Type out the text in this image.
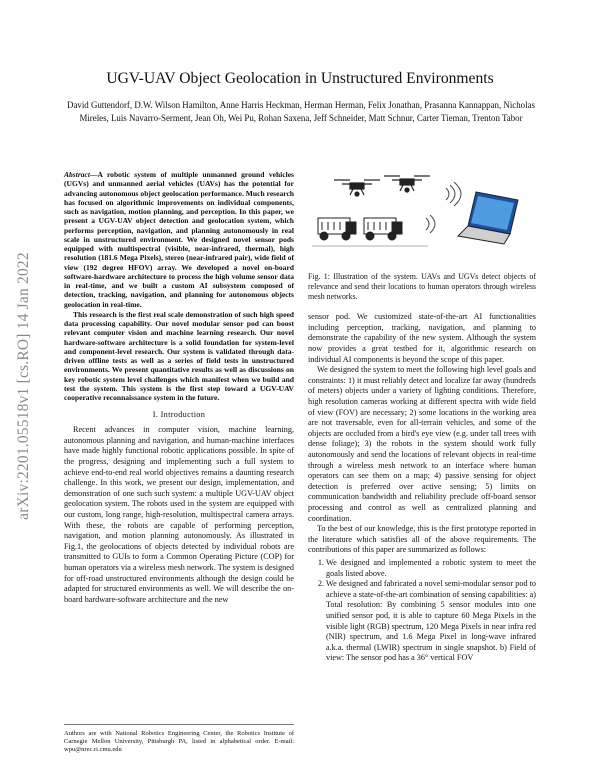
arXiv:2201.05518v1 [cs.RO] 14 Jan 2022
UGV-UAV Object Geolocation in Unstructured Environments
David Guttendorf, D.W. Wilson Hamilton, Anne Harris Heckman, Herman Herman, Felix Jonathan, Prasanna Kannappan, Nicholas Mireles, Luis Navarro-Serment, Jean Oh, Wei Pu, Rohan Saxena, Jeff Schneider, Matt Schnur, Carter Tieman, Trenton Tabor

Abstract—A robotic system of multiple unmanned ground vehicles (UGVs) and unmanned aerial vehicles (UAVs) has the potential for advancing autonomous object geolocation performance. Much research has focused on algorithmic improvements on individual components, such as navigation, motion planning, and perception. In this paper, we present a UGV-UAV object detection and geolocation system, which performs perception, navigation, and planning autonomously in real scale in unstructured environment. We designed novel sensor pods equipped with multispectral (visible, near-infrared, thermal), high resolution (181.6 Mega Pixels), stereo (near-infrared pair), wide field of view (192 degree HFOV) array. We developed a novel on-board software-hardware architecture to process the high volume sensor data in real-time, and we built a custom AI subsystem composed of detection, tracking, navigation, and planning for autonomous objects geolocation in real-time.

This research is the first real scale demonstration of such high speed data processing capability. Our novel modular sensor pod can boost relevant computer vision and machine learning research. Our novel hardware-software architecture is a solid foundation for system-level and component-level research. Our system is validated through data-driven offline tests as well as a series of field tests in unstructured environments. We present quantitative results as well as discussions on key robotic system level challenges which manifest when we build and test the system. This system is the first step toward a UGV-UAV cooperative reconnaissance system in the future.

I. Introduction

Recent advances in computer vision, machine learning, autonomous planning and navigation, and human-machine interfaces have made highly functional robotic applications possible. In spite of the progress, designing and implementing such a full system to achieve end-to-end real world objectives remains a daunting research challenge. In this work, we present our design, implementation, and demonstration of one such such system: a multiple UGV-UAV object geolocation system. The robots used in the system are equipped with our custom, long range, high-resolution, multispectral camera arrays. With these, the robots are capable of performing perception, navigation, and motion planning autonomously. As illustrated in Fig.1, the geolocations of objects detected by individual robots are transmitted to GUIs to form a Common Operating Picture (COP) for human operators via a wireless mesh network. The system is designed for off-road unstructured environments although the design could be adapted for structured environments as well. We will describe the on-board hardware-software architecture and the new

Authors are with National Robotics Engineering Center, the Robotics Institute of Carnegie Mellon University, Pittsburgh PA, listed in alphabetical order. E-mail: wpu@nrec.ri.cmu.edu

Fig. 1: Illustration of the system. UAVs and UGVs detect objects of relevance and send their locations to human operators through wireless mesh networks.

sensor pod. We customized state-of-the-art AI functionalities including perception, tracking, navigation, and planning to demonstrate the capability of the new system. Although the system now provides a great testbed for it, algorithmic research on individual AI components is beyond the scope of this paper.

We designed the system to meet the following high level goals and constraints: 1) it must reliably detect and localize far away (hundreds of meters) objects under a variety of lighting conditions. Therefore, high resolution cameras working at different spectra with wide field of view (FOV) are necessary; 2) some locations in the working area are not traversable, even for all-terrain vehicles, and some of the objects are occluded from a bird's eye view (e.g. under tall trees with dense foliage); 3) the robots in the system should work fully autonomously and send the locations of relevant objects in real-time through a wireless mesh network to an interface where human operators can see them on a map; 4) passive sensing for object detection is preferred over active sensing; 5) limits on communication bandwidth and reliability preclude off-board sensor processing and control as well as centralized planning and coordination.

To the best of our knowledge, this is the first prototype reported in the literature which satisfies all of the above requirements. The contributions of this paper are summarized as follows:

1. We designed and implemented a robotic system to meet the goals listed above.
2. We designed and fabricated a novel semi-modular sensor pod to achieve a state-of-the-art combination of sensing capabilities: a) Total resolution: By combining 5 sensor modules into one unified sensor pod, it is able to capture 60 Mega Pixels in the visible light (RGB) spectrum, 120 Mega Pixels in near infra red (NIR) spectrum, and 1.6 Mega Pixel in long-wave infrared a.k.a. thermal (LWIR) spectrum in single snapshot. b) Field of view: The sensor pod has a 36° vertical FOV
